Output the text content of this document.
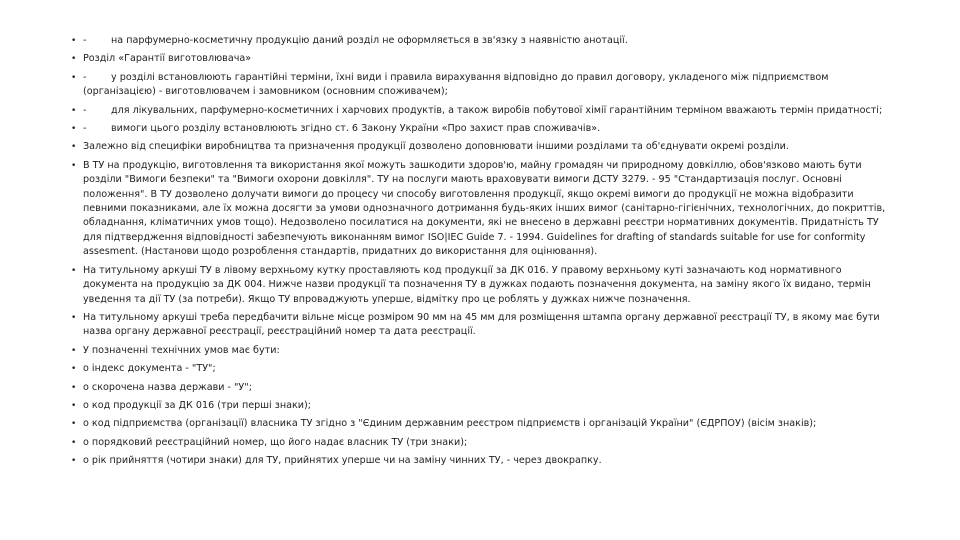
• -	на парфумерно-косметичну продукцію даний розділ не оформляється в зв'язку з наявністю анотації.
• Розділ «Гарантії виготовлювача»
• -	у розділі встановлюють гарантійні терміни, їхні види і правила вирахування відповідно до правил договору, укладеного між підприємством (організацією) - виготовлювачем і замовником (основним споживачем);
• -	для лікувальних, парфумерно-косметичних і харчових продуктів, а також виробів побутової хімії гарантійним терміном вважають термін придатності;
• -	вимоги цього розділу встановлюють згідно ст. 6 Закону України «Про захист прав споживачів».
• Залежно від специфіки виробництва та призначення продукції дозволено доповнювати іншими розділами та об'єднувати окремі розділи.
• В ТУ на продукцію, виготовлення та використання якої можуть зашкодити здоров'ю, майну громадян чи природному довкіллю, обов'язково мають бути розділи "Вимоги безпеки" та "Вимоги охорони довкілля". ТУ на послуги мають враховувати вимоги ДСТУ 3279. - 95 "Стандартизація послуг. Основні положення". В ТУ дозволено долучати вимоги до процесу чи способу виготовлення продукції, якщо окремі вимоги до продукції не можна відобразити певними показниками, але їх можна досягти за умови однозначного дотримання будь-яких інших вимог (санітарно-гігієнічних, технологічних, до покриттів, обладнання, кліматичних умов тощо). Недозволено посилатися на документи, які не внесено в державні реєстри нормативних документів. Придатність ТУ для підтвердження відповідності забезпечують виконанням вимог ISO|IEC Guide 7. - 1994. Guidelines for drafting of standards suitable for use for conformity assesment. (Настанови щодо розроблення стандартів, придатних до використання для оцінювання).
• На титульному аркуші ТУ в лівому верхньому кутку проставляють код продукції за ДК 016. У правому верхньому куті зазначають код нормативного документа на продукцію за ДК 004. Нижче назви продукції та позначення ТУ в дужках подають позначення документа, на заміну якого їх видано, термін уведення та дії ТУ (за потреби). Якщо ТУ впроваджують уперше, відмітку про це роблять у дужках нижче позначення.
• На титульному аркуші треба передбачити вільне місце розміром 90 мм на 45 мм для розміщення штампа органу державної реєстрації ТУ, в якому має бути назва органу державної реєстрації, реєстраційний номер та дата реєстрації.
• У позначенні технічних умов має бути:
• о індекс документа - "ТУ";
• о скорочена назва держави - "У";
• о код продукції за ДК 016 (три перші знаки);
• о код підприємства (організації) власника ТУ згідно з "Єдиним державним реєстром підприємств і організацій України" (ЄДРПОУ) (вісім знаків);
• о порядковий реєстраційний номер, що його надає власник ТУ (три знаки);
• о рік прийняття (чотири знаки) для ТУ, прийнятих уперше чи на заміну чинних ТУ, - через двокрапку.
